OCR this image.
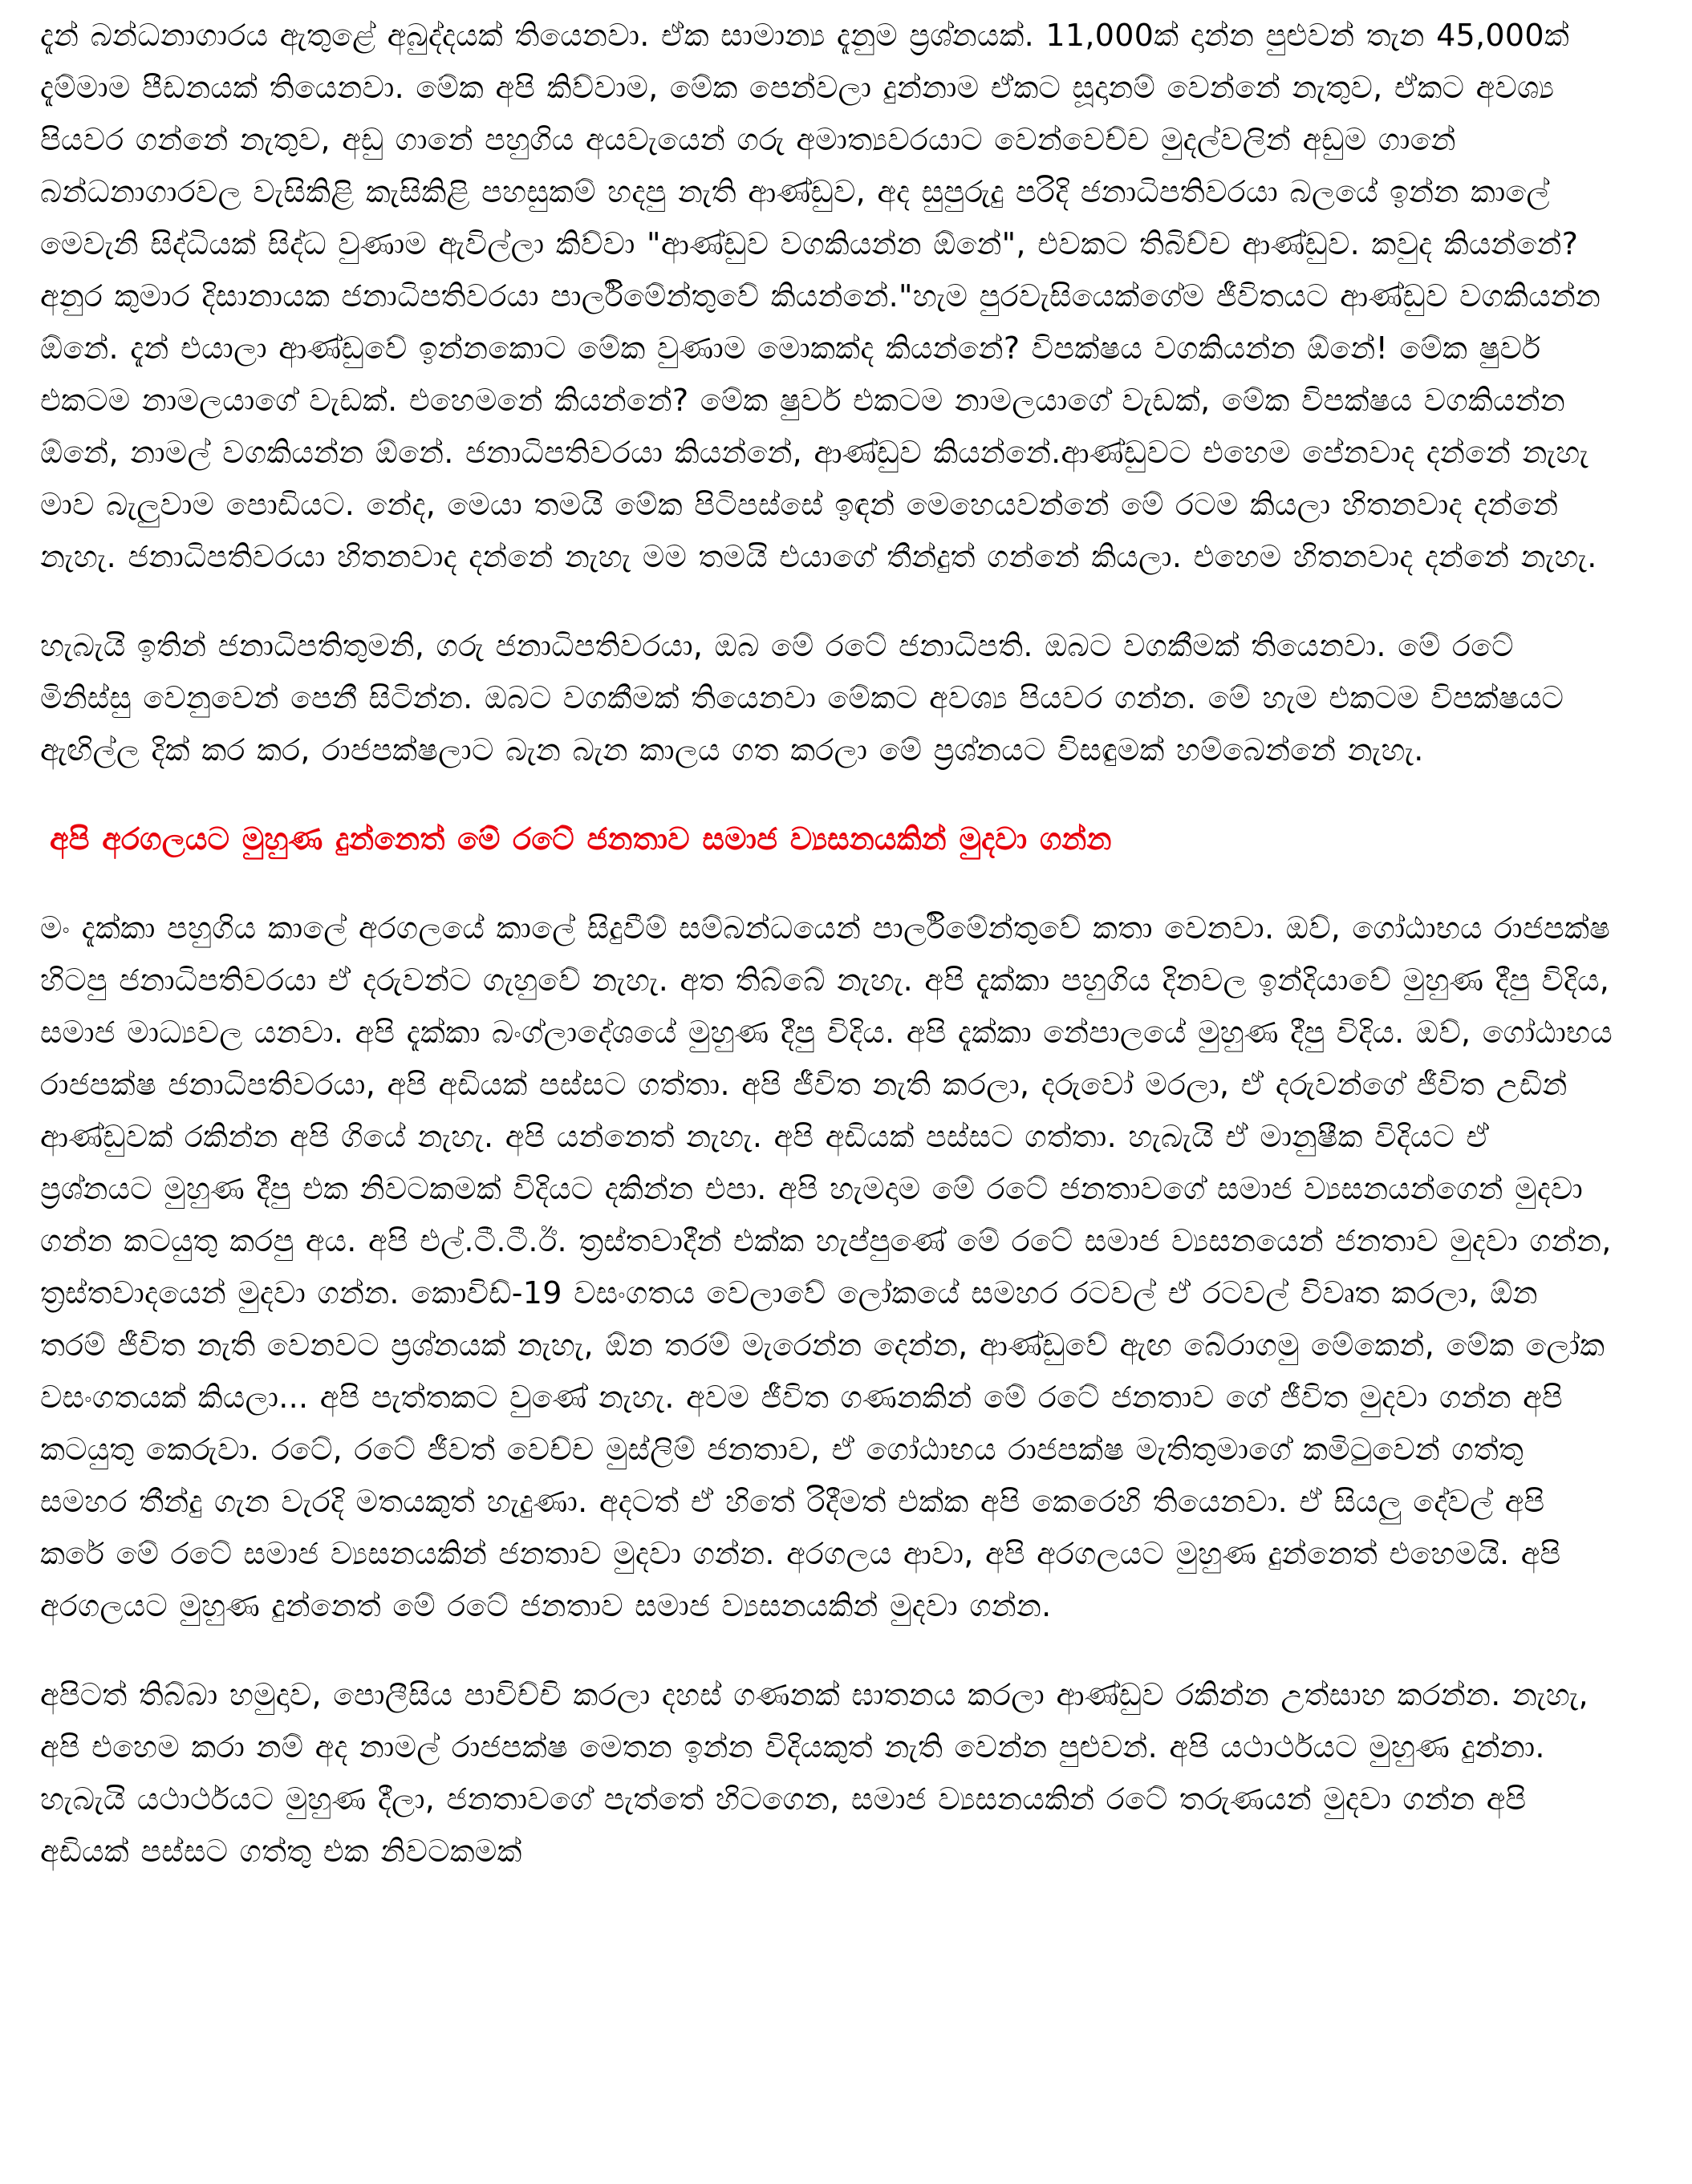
දැන් බන්ධනාගාරය ඇතුළේ අබුද්දයක් තියෙනවා. ඒක සාමාන්‍ය දැනුම ප්‍රශ්නයක්. 11,000ක් දාන්න පුළුවන් තැන 45,000ක් දැම්මාම පීඩනයක් තියෙනවා. මේක අපි කිව්වාම, මේක පෙන්වලා දුන්නාම ඒකට සූදානම් වෙන්නේ නැතුව, ඒකට අවශ්‍ය පියවර ගන්නේ නැතුව, අඩු ගානේ පහුගිය අයවැයෙන් ගරු අමාත්‍යවරයාට වෙන්වෙච්ච මුදල්වලින් අඩුම ගානේ බන්ධනාගාරවල වැසිකිළි කැසිකිළි පහසුකම් හදපු නැති ආණ්ඩුව, අද සුපුරුදු පරිදි ජනාධිපතිවරයා බලයේ ඉන්න කාලේ මෙවැනි සිද්ධියක් සිද්ධ වුණාම ඇවිල්ලා කිව්වා "ආණ්ඩුව වගකියන්න ඕනේ", එවකට තිබිච්ච ආණ්ඩුව. කවුද කියන්නේ? අනුර කුමාර දිසානායක ජනාධිපතිවරයා පාර්ලිමේන්තුවේ කියන්නේ."හැම පුරවැසියෙක්ගේම ජීවිතයට ආණ්ඩුව වගකියන්න ඕනේ. දැන් එයාලා ආණ්ඩුවේ ඉන්නකොට මේක වුණාම මොකක්ද කියන්නේ? විපක්ෂය වගකියන්න ඕනේ! මේක ෂුවර් එකටම නාමලයාගේ වැඩක්. එහෙමනේ කියන්නේ? මේක ෂුවර් එකටම නාමලයාගේ වැඩක්, මේක විපක්ෂය වගකියන්න ඕනේ, නාමල් වගකියන්න ඕනේ. ජනාධිපතිවරයා කියන්නේ, ආණ්ඩුව කියන්නේ.ආණ්ඩුවට එහෙම පේනවාද දන්නේ නැහැ මාව බැලුවාම පොඩියට. නේද, මෙයා තමයි මේක පිටිපස්සේ ඉඳන් මෙහෙයවන්නේ මේ රටම කියලා හිතනවාද දන්නේ නැහැ. ජනාධිපතිවරයා හිතනවාද දන්නේ නැහැ මම තමයි එයාගේ තීන්දුත් ගන්නේ කියලා. එහෙම හිතනවාද දන්නේ නැහැ.

හැබැයි ඉතින් ජනාධිපතිතුමනි, ගරු ජනාධිපතිවරයා, ඔබ මේ රටේ ජනාධිපති. ඔබට වගකීමක් තියෙනවා. මේ රටේ මිනිස්සු වෙනුවෙන් පෙනී සිටින්න. ඔබට වගකීමක් තියෙනවා මේකට අවශ්‍ය පියවර ගන්න. මේ හැම එකටම විපක්ෂයට ඇඟිල්ල දික් කර කර, රාජපක්ෂලාට බැන බැන කාලය ගත කරලා මේ ප්‍රශ්නයට විසඳුමක් හම්බෙන්නේ නැහැ.

අපි අරගලයට මුහුණ දුන්නෙත් මේ රටේ ජනතාව සමාජ ව්‍යසනයකින් මුදවා ගන්න

මං දැක්කා පහුගිය කාලේ අරගලයේ කාලේ සිදුවීම් සම්බන්ධයෙන් පාර්ලිමේන්තුවේ කතා වෙනවා. ඔව්, ගෝඨාභය රාජපක්ෂ හිටපු ජනාධිපතිවරයා ඒ දරුවන්ට ගැහුවේ නැහැ. අත තිබ්බේ නැහැ. අපි දැක්කා පහුගිය දිනවල ඉන්දියාවේ මුහුණ දීපු විදිය, සමාජ මාධ්‍යවල යනවා. අපි දැක්කා බංග්ලාදේශයේ මුහුණ දීපු විදිය. අපි දැක්කා නේපාලයේ මුහුණ දීපු විදිය. ඔව්, ගෝඨාභය රාජපක්ෂ ජනාධිපතිවරයා, අපි අඩියක් පස්සට ගත්තා. අපි ජීවිත නැති කරලා, දරුවෝ මරලා, ඒ දරුවන්ගේ ජීවිත උඩින් ආණ්ඩුවක් රකින්න අපි ගියේ නැහැ. අපි යන්නෙත් නැහැ. අපි අඩියක් පස්සට ගත්තා. හැබැයි ඒ මානුෂීක විදියට ඒ ප්‍රශ්නයට මුහුණ දීපු එක නිවටකමක් විදියට දකින්න එපා. අපි හැමදාම මේ රටේ ජනතාවගේ සමාජ ව්‍යසනයන්ගෙන් මුදවා ගන්න කටයුතු කරපු අය. අපි එල්.ටී.ටී.ඊ. ත්‍රස්තවාදීන් එක්ක හැප්පුණේ මේ රටේ සමාජ ව්‍යසනයෙන් ජනතාව මුදවා ගන්න, ත්‍රස්තවාදයෙන් මුදවා ගන්න. කොවිඩ්-19 වසංගතය වෙලාවේ ලෝකයේ සමහර රටවල් ඒ රටවල් විවෘත කරලා, ඕන තරම් ජීවිත නැති වෙනවට ප්‍රශ්නයක් නැහැ, ඕන තරම් මැරෙන්න දෙන්න, ආණ්ඩුවේ ඇඟ බේරාගමු මේකෙන්, මේක ලෝක වසංගතයක් කියලා... අපි පැත්තකට වුණේ නැහැ. අවම ජීවිත ගණනකින් මේ රටේ ජනතාව ගේ ජීවිත මුදවා ගන්න අපි කටයුතු කෙරුවා. රටේ, රටේ ජීවත් වෙච්ච මුස්ලිම් ජනතාව, ඒ ගෝඨාභය රාජපක්ෂ මැතිතුමාගේ කමිටුවෙන් ගත්තු සමහර තීන්දු ගැන වැරදි මතයකුත් හැදුණා. අදටත් ඒ හිතේ රිදීමත් එක්ක අපි කෙරෙහි තියෙනවා. ඒ සියලු දේවල් අපි කරේ මේ රටේ සමාජ ව්‍යසනයකින් ජනතාව මුදවා ගන්න. අරගලය ආවා, අපි අරගලයට මුහුණ දුන්නෙත් එහෙමයි. අපි අරගලයට මුහුණ දුන්නෙත් මේ රටේ ජනතාව සමාජ ව්‍යසනයකින් මුදවා ගන්න.

අපිටත් තිබ්බා හමුදාව, පොලීසිය පාවිච්චි කරලා දහස් ගණනක් ඝාතනය කරලා ආණ්ඩුව රකින්න උත්සාහ කරන්න. නැහැ, අපි එහෙම කරා නම් අද නාමල් රාජපක්ෂ මෙතන ඉන්න විදියකුත් නැති වෙන්න පුළුවන්. අපි යථාර්ථයට මුහුණ දුන්නා. හැබැයි යථාර්ථයට මුහුණ දීලා, ජනතාවගේ පැත්තේ හිටගෙන, සමාජ ව්‍යසනයකින් රටේ තරුණයන් මුදවා ගන්න අපි අඩියක් පස්සට ගත්තු එක නිවටකමක්
